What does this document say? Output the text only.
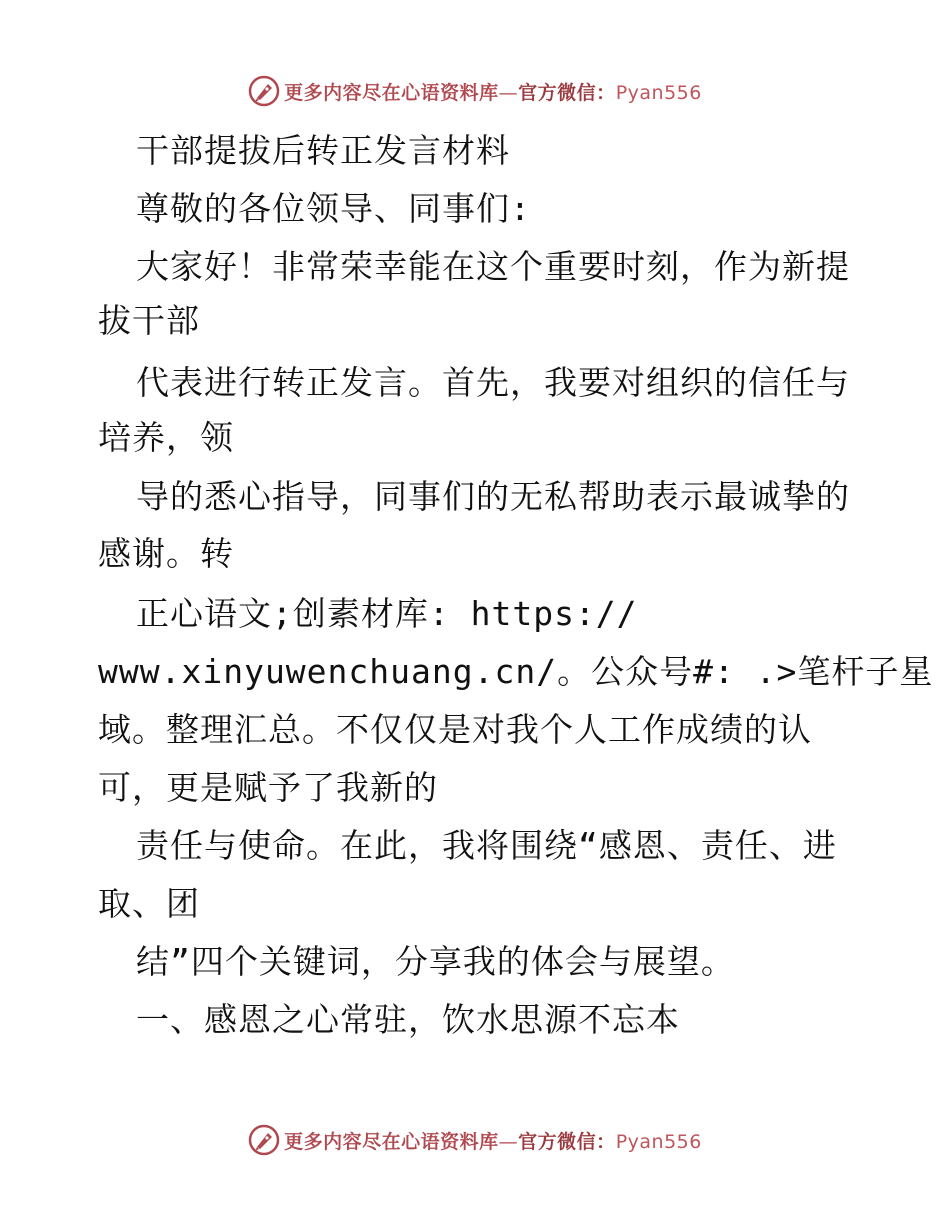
更多内容尽在心语资料库—官方微信：Pyan556
干部提拔后转正发言材料
尊敬的各位领导、同事们:
大家好！非常荣幸能在这个重要时刻，作为新提
拔干部
代表进行转正发言。首先，我要对组织的信任与
培养，领
导的悉心指导，同事们的无私帮助表示最诚挚的
感谢。转
正心语文;创素材库: https://
www.xinyuwenchuang.cn/。公众号#: .>笔杆子星
域。整理汇总。不仅仅是对我个人工作成绩的认
可，更是赋予了我新的
责任与使命。在此，我将围绕“感恩、责任、进
取、团
结”四个关键词，分享我的体会与展望。
一、感恩之心常驻，饮水思源不忘本
更多内容尽在心语资料库—官方微信：Pyan556
